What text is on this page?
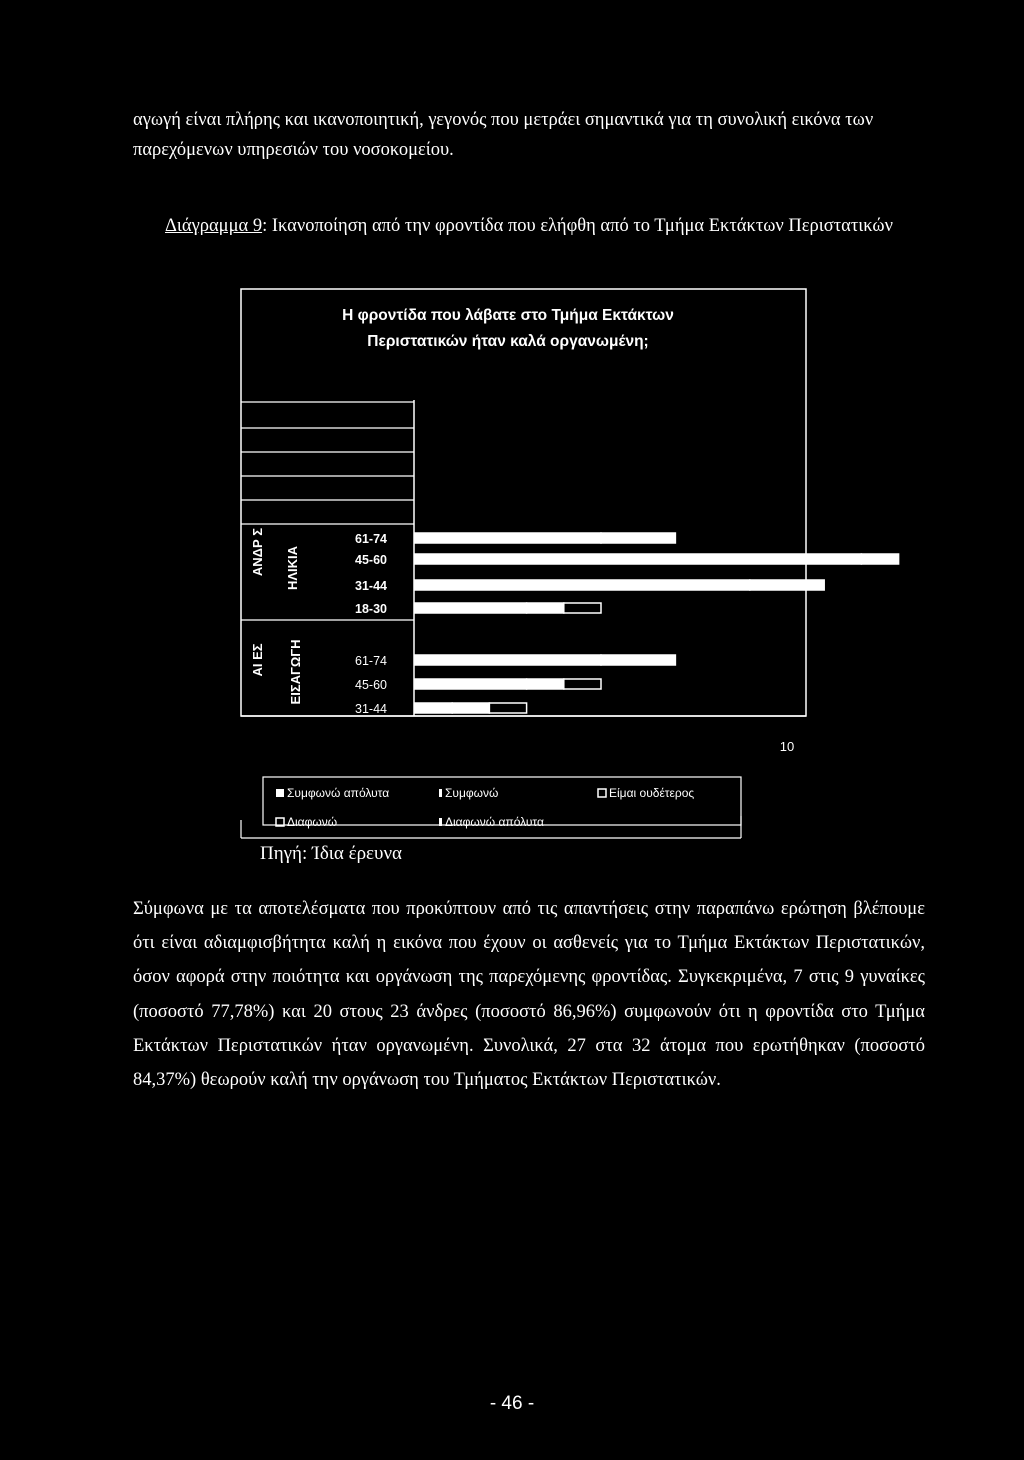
αγωγή είναι πλήρης και ικανοποιητική, γεγονός που μετράει σημαντικά για τη συνολική εικόνα των παρεχόμενων υπηρεσιών του νοσοκομείου.

Διάγραμμα 9: Ικανοποίηση από την φροντίδα που ελήφθη από το Τμήμα Εκτάκτων Περιστατικών
Η φροντίδα που λάβατε στο Τμήμα Εκτάκτων
Περιστατικών ήταν καλά οργανωμένη;
ΑΝΔΡ Σ ΗΛΙΚΙΑ
ΑΙ ΕΣ ΕΙΣΑΓΩΓΗ
61-74
45-60
31-44
18-30
61-74
45-60
31-44
10
Συμφωνώ απόλυτα	Συμφωνώ	Είμαι ουδέτερος
Διαφωνώ	Διαφωνώ απόλυτα
Πηγή: Ίδια έρευνα

Σύμφωνα με τα αποτελέσματα που προκύπτουν από τις απαντήσεις στην παραπάνω ερώτηση βλέπουμε ότι είναι αδιαμφισβήτητα καλή η εικόνα που έχουν οι ασθενείς για το Τμήμα Εκτάκτων Περιστατικών, όσον αφορά στην ποιότητα και οργάνωση της παρεχόμενης φροντίδας. Συγκεκριμένα, 7 στις 9 γυναίκες (ποσοστό 77,78%) και 20 στους 23 άνδρες (ποσοστό 86,96%) συμφωνούν ότι η φροντίδα στο Τμήμα Εκτάκτων Περιστατικών ήταν οργανωμένη. Συνολικά, 27 στα 32 άτομα που ερωτήθηκαν (ποσοστό 84,37%) θεωρούν καλή την οργάνωση του Τμήματος Εκτάκτων Περιστατικών.

- 46 -
